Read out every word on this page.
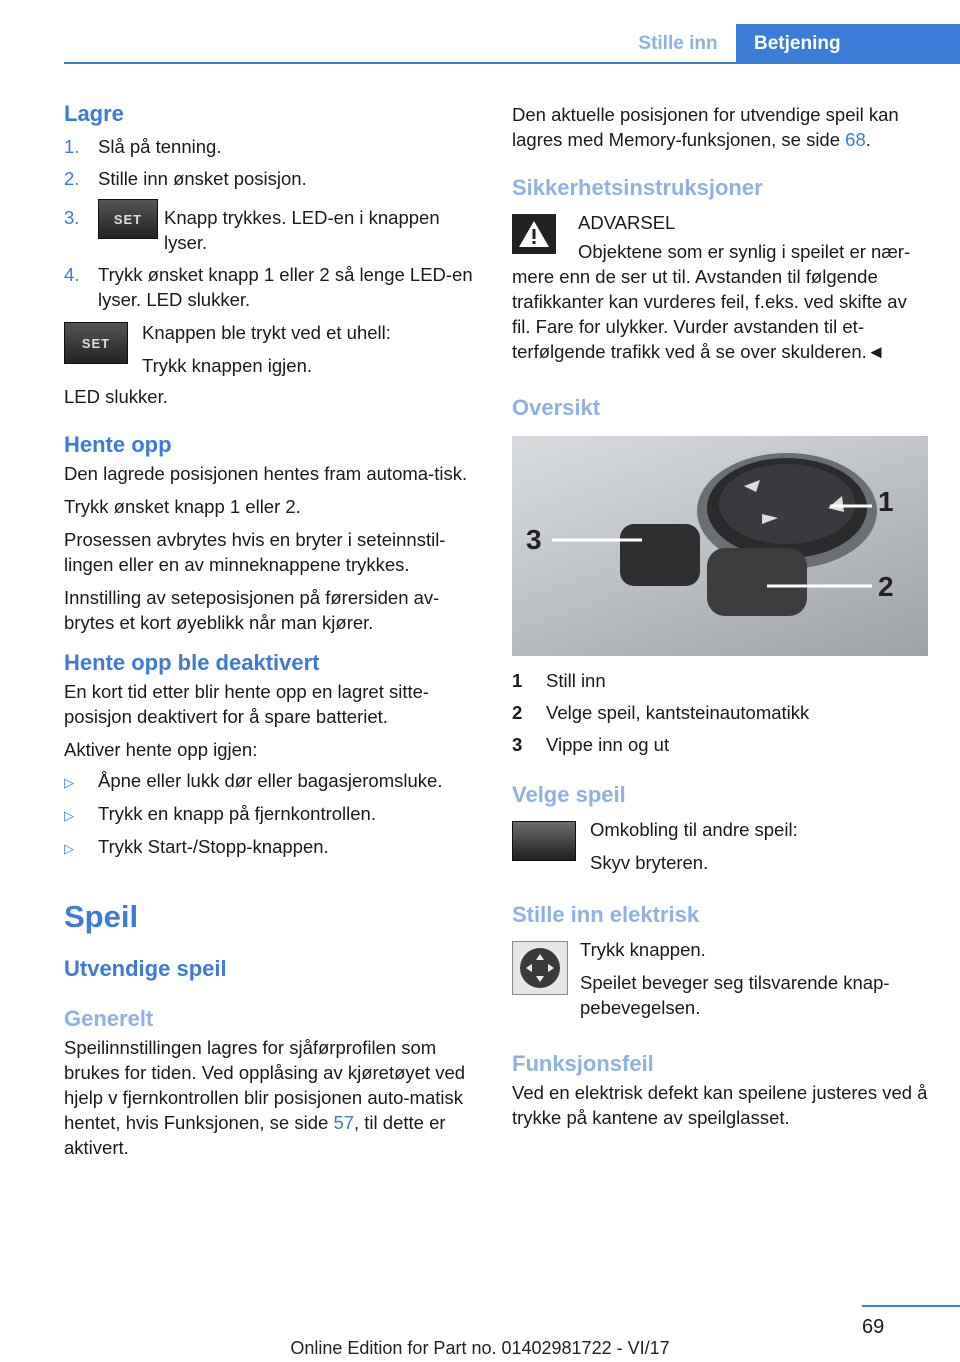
Stille inn	Betjening
Lagre
1.	Slå på tenning.
2.	Stille inn ønsket posisjon.
3.	SET	Knapp trykkes. LED-en i knappen lyser.
4.	Trykk ønsket knapp 1 eller 2 så lenge LED-en lyser. LED slukker.
SET	Knappen ble trykt ved et uhell:

Trykk knappen igjen.

LED slukker.

Hente opp

Den lagrede posisjonen hentes fram automa-tisk.

Trykk ønsket knapp 1 eller 2.

Prosessen avbrytes hvis en bryter i seteinnstil-lingen eller en av minneknappene trykkes.

Innstilling av seteposisjonen på førersiden av-brytes et kort øyeblikk når man kjører.

Hente opp ble deaktivert

En kort tid etter blir hente opp en lagret sitte-posisjon deaktivert for å spare batteriet.

Aktiver hente opp igjen:

▷	Åpne eller lukk dør eller bagasjeromsluke.
▷	Trykk en knapp på fjernkontrollen.
▷	Trykk Start-/Stopp-knappen.
Speil
Utvendige speil
Generelt

Speilinnstillingen lagres for sjåførprofilen som brukes for tiden. Ved opplåsing av kjøretøyet ved hjelp v fjernkontrollen blir posisjonen auto-matisk hentet, hvis Funksjonen, se side 57, til dette er aktivert.

Den aktuelle posisjonen for utvendige speil kan lagres med Memory-funksjonen, se side 68.

Sikkerhetsinstruksjoner

ADVARSEL

Objektene som er synlig i speilet er nær-mere enn de ser ut til. Avstanden til følgende trafikkanter kan vurderes feil, f.eks. ved skifte av fil. Fare for ulykker. Vurder avstanden til et-terfølgende trafikk ved å se over skulderen.◄

Oversikt
1
2
3
1	Still inn
2	Velge speil, kantsteinautomatikk
3	Vippe inn og ut
Velge speil

Omkobling til andre speil:

Skyv bryteren.

Stille inn elektrisk

Trykk knappen.

Speilet beveger seg tilsvarende knap-pebevegelsen.

Funksjonsfeil

Ved en elektrisk defekt kan speilene justeres ved å trykke på kantene av speilglasset.

69
Online Edition for Part no. 01402981722 - VI/17
